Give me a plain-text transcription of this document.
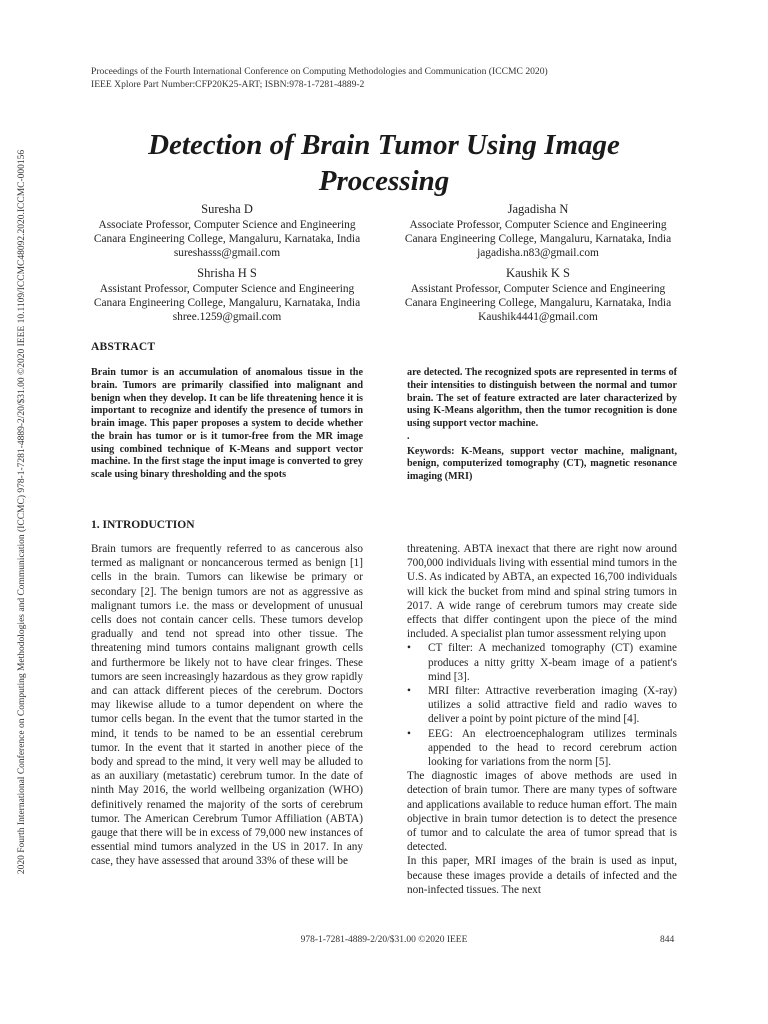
2020 Fourth International Conference on Computing Methodologies and Communication (ICCMC) 978-1-7281-4889-2/20/$31.00 ©2020 IEEE 10.1109/ICCMC48092.2020.ICCMC-000156
Proceedings of the Fourth International Conference on Computing Methodologies and Communication (ICCMC 2020)
IEEE Xplore Part Number:CFP20K25-ART; ISBN:978-1-7281-4889-2
Detection of Brain Tumor Using Image
Processing
Suresha D
Associate Professor, Computer Science and Engineering
Canara Engineering College, Mangaluru, Karnataka, India
sureshasss@gmail.com
Jagadisha N
Associate Professor, Computer Science and Engineering
Canara Engineering College, Mangaluru, Karnataka, India
jagadisha.n83@gmail.com
Shrisha H S
Assistant Professor, Computer Science and Engineering
Canara Engineering College, Mangaluru, Karnataka, India
shree.1259@gmail.com
Kaushik K S
Assistant Professor, Computer Science and Engineering
Canara Engineering College, Mangaluru, Karnataka, India
Kaushik4441@gmail.com
ABSTRACT
Brain tumor is an accumulation of anomalous tissue in the brain. Tumors are primarily classified into malignant and benign when they develop. It can be life threatening hence it is important to recognize and identify the presence of tumors in brain image. This paper proposes a system to decide whether the brain has tumor or is it tumor-free from the MR image using combined technique of K-Means and support vector machine. In the first stage the input image is converted to grey scale using binary thresholding and the spots
are detected. The recognized spots are represented in terms of their intensities to distinguish between the normal and tumor brain. The set of feature extracted are later characterized by using K-Means algorithm, then the tumor recognition is done using support vector machine.
.
Keywords: K-Means, support vector machine, malignant, benign, computerized tomography (CT), magnetic resonance imaging (MRI)
1. INTRODUCTION
Brain tumors are frequently referred to as cancerous also termed as malignant or noncancerous termed as benign [1] cells in the brain. Tumors can likewise be primary or secondary [2]. The benign tumors are not as aggressive as malignant tumors i.e. the mass or development of unusual cells does not contain cancer cells. These tumors develop gradually and tend not spread into other tissue. The threatening mind tumors contains malignant growth cells and furthermore be likely not to have clear fringes. These tumors are seen increasingly hazardous as they grow rapidly and can attack different pieces of the cerebrum. Doctors may likewise allude to a tumor dependent on where the tumor cells began. In the event that the tumor started in the mind, it tends to be named to be an essential cerebrum tumor. In the event that it started in another piece of the body and spread to the mind, it very well may be alluded to as an auxiliary (metastatic) cerebrum tumor. In the date of ninth May 2016, the world wellbeing organization (WHO) definitively renamed the majority of the sorts of cerebrum tumor. The American Cerebrum Tumor Affiliation (ABTA) gauge that there will be in excess of 79,000 new instances of essential mind tumors analyzed in the US in 2017. In any case, they have assessed that around 33% of these will be
threatening. ABTA inexact that there are right now around 700,000 individuals living with essential mind tumors in the U.S. As indicated by ABTA, an expected 16,700 individuals will kick the bucket from mind and spinal string tumors in 2017. A wide range of cerebrum tumors may create side effects that differ contingent upon the piece of the mind included. A specialist plan tumor assessment relying upon
• CT filter: A mechanized tomography (CT) examine produces a nitty gritty X-beam image of a patient's mind [3].
• MRI filter: Attractive reverberation imaging (X-ray) utilizes a solid attractive field and radio waves to deliver a point by point picture of the mind [4].
• EEG: An electroencephalogram utilizes terminals appended to the head to record cerebrum action looking for variations from the norm [5].
The diagnostic images of above methods are used in detection of brain tumor. There are many types of software and applications available to reduce human effort. The main objective in brain tumor detection is to detect the presence of tumor and to calculate the area of tumor spread that is detected.
In this paper, MRI images of the brain is used as input, because these images provide a details of infected and the non-infected tissues. The next
978-1-7281-4889-2/20/$31.00 ©2020 IEEE	844
